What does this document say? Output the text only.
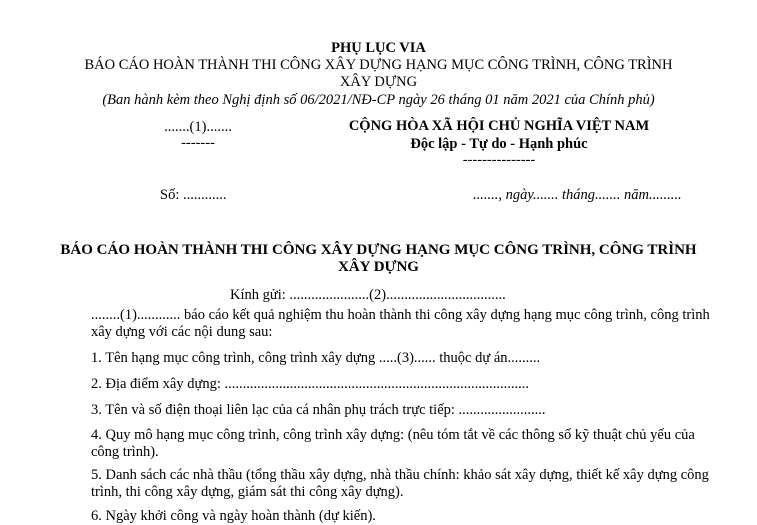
PHỤ LỤC VIA
BÁO CÁO HOÀN THÀNH THI CÔNG XÂY DỰNG HẠNG MỤC CÔNG TRÌNH, CÔNG TRÌNH
XÂY DỰNG
(Ban hành kèm theo Nghị định số 06/2021/NĐ-CP ngày 26 tháng 01 năm 2021 của Chính phủ)
.......(1).......
-------
CỘNG HÒA XÃ HỘI CHỦ NGHĨA VIỆT NAM
Độc lập - Tự do - Hạnh phúc
---------------
Số: ............	......., ngày....... tháng....... năm.........
BÁO CÁO HOÀN THÀNH THI CÔNG XÂY DỰNG HẠNG MỤC CÔNG TRÌNH, CÔNG TRÌNH
XÂY DỰNG
Kính gửi: ......................(2).................................
........(1)............ báo cáo kết quả nghiệm thu hoàn thành thi công xây dựng hạng mục công trình, công trình xây dựng với các nội dung sau:
1. Tên hạng mục công trình, công trình xây dựng .....(3)...... thuộc dự án.........
2. Địa điểm xây dựng: ....................................................................................
3. Tên và số điện thoại liên lạc của cá nhân phụ trách trực tiếp: ........................
4. Quy mô hạng mục công trình, công trình xây dựng: (nêu tóm tắt về các thông số kỹ thuật chủ yếu của công trình).
5. Danh sách các nhà thầu (tổng thầu xây dựng, nhà thầu chính: khảo sát xây dựng, thiết kế xây dựng công trình, thi công xây dựng, giám sát thi công xây dựng).
6. Ngày khởi công và ngày hoàn thành (dự kiến).
